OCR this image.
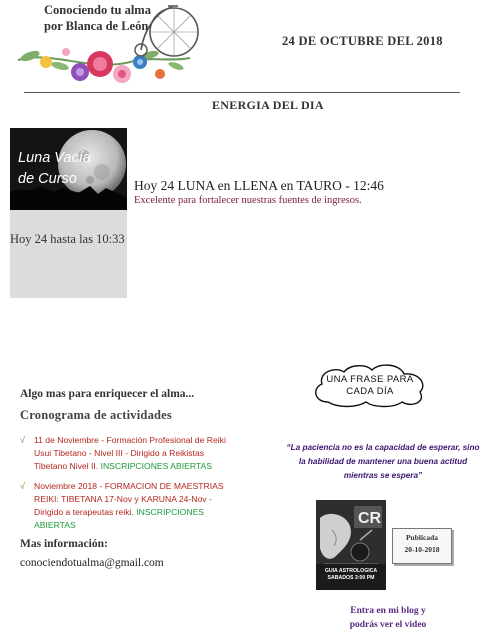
Conociendo tu alma
por Blanca de León
24 DE OCTUBRE DEL 2018
ENERGIA DEL DIA
Luna Vacía
de Curso
Hoy 24 hasta las 10:33
Hoy 24 LUNA en LLENA en TAURO - 12:46
Excelente para fortalecer nuestras fuentes de ingresos.
Algo mas para enriquecer el alma...
Cronograma de actividades
√ 11 de Noviembre - Formación Profesional de Reiki
Usui Tibetano - Nivel III - Dirigido a Reikistas
Tibetano Nivel II. INSCRIPCIONES ABIERTAS
√ Noviembre 2018 - FORMACION DE MAESTRIAS
REIKI: TIBETANA 17-Nov y KARUNA 24-Nov -
Dirigido a terapeutas reiki. INSCRIPCIONES
ABIERTAS
Mas información:
conociendotualma@gmail.com
UNA FRASE PARA
CADA DÍA
“La paciencia no es la capacidad de esperar, sino
la habilidad de mantener una buena actitud
mientras se espera”
CR
GUIA ASTROLOGICA
SABADOS 3:00 PM
Publicada
20-10-2018
Entra en mi blog y
podrás ver el video
